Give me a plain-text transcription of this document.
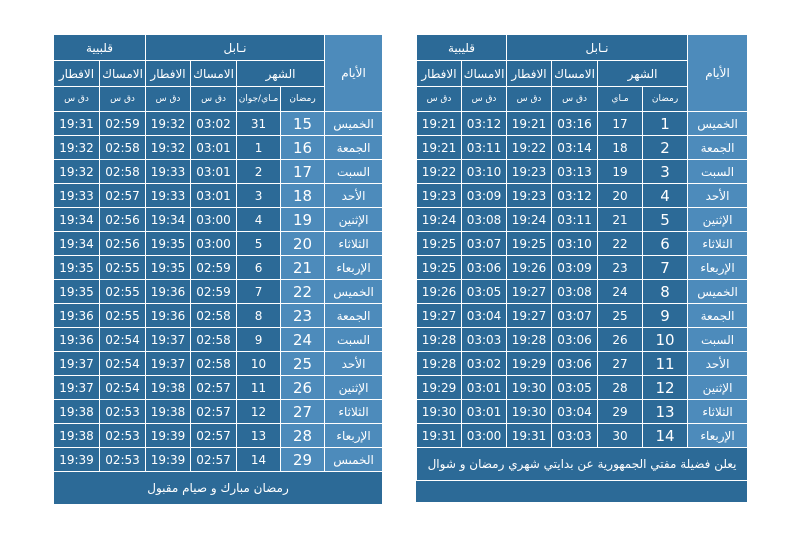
الأيام	نـابل				قلبيية	
	الشهر		الامساك	الافطار	الامساك	الافطار
	رمضان	مـاي/جوان	دق س	دق س	دق س	دق س
الخميس	15	31	03:02	19:32	02:59	19:31
الجمعة	16	1	03:01	19:32	02:58	19:32
السبت	17	2	03:01	19:33	02:58	19:32
الأحد	18	3	03:01	19:33	02:57	19:33
الإثنين	19	4	03:00	19:34	02:56	19:34
الثلاثاء	20	5	03:00	19:35	02:56	19:34
الإربعاء	21	6	02:59	19:35	02:55	19:35
الخميس	22	7	02:59	19:36	02:55	19:35
الجمعة	23	8	02:58	19:36	02:55	19:36
السبت	24	9	02:58	19:37	02:54	19:36
الأحد	25	10	02:58	19:37	02:54	19:37
الإثنين	26	11	02:57	19:38	02:54	19:37
الثلاثاء	27	12	02:57	19:38	02:53	19:38
الإربعاء	28	13	02:57	19:39	02:53	19:38
الخمىس	29	14	02:57	19:39	02:53	19:39
رمضان مبارك و صيام مقبول						
الأيام	نـابل				قليبية	
	الشهر		الامساك	الافطار	الامساك	الافطار
	رمضان	مـاي	دق س	دق س	دق س	دق س
الخميس	1	17	03:16	19:21	03:12	19:21
الجمعة	2	18	03:14	19:22	03:11	19:21
السبت	3	19	03:13	19:23	03:10	19:22
الأحد	4	20	03:12	19:23	03:09	19:23
الإثنين	5	21	03:11	19:24	03:08	19:24
الثلاثاء	6	22	03:10	19:25	03:07	19:25
الإربعاء	7	23	03:09	19:26	03:06	19:25
الخميس	8	24	03:08	19:27	03:05	19:26
الجمعة	9	25	03:07	19:27	03:04	19:27
السبت	10	26	03:06	19:28	03:03	19:28
الأحد	11	27	03:06	19:29	03:02	19:28
الإثنين	12	28	03:05	19:30	03:01	19:29
الثلاثاء	13	29	03:04	19:30	03:01	19:30
الإربعاء	14	30	03:03	19:31	03:00	19:31
يعلن فضيلة مفتي الجمهورية عن بدايتي شهري رمضان و شوال						
